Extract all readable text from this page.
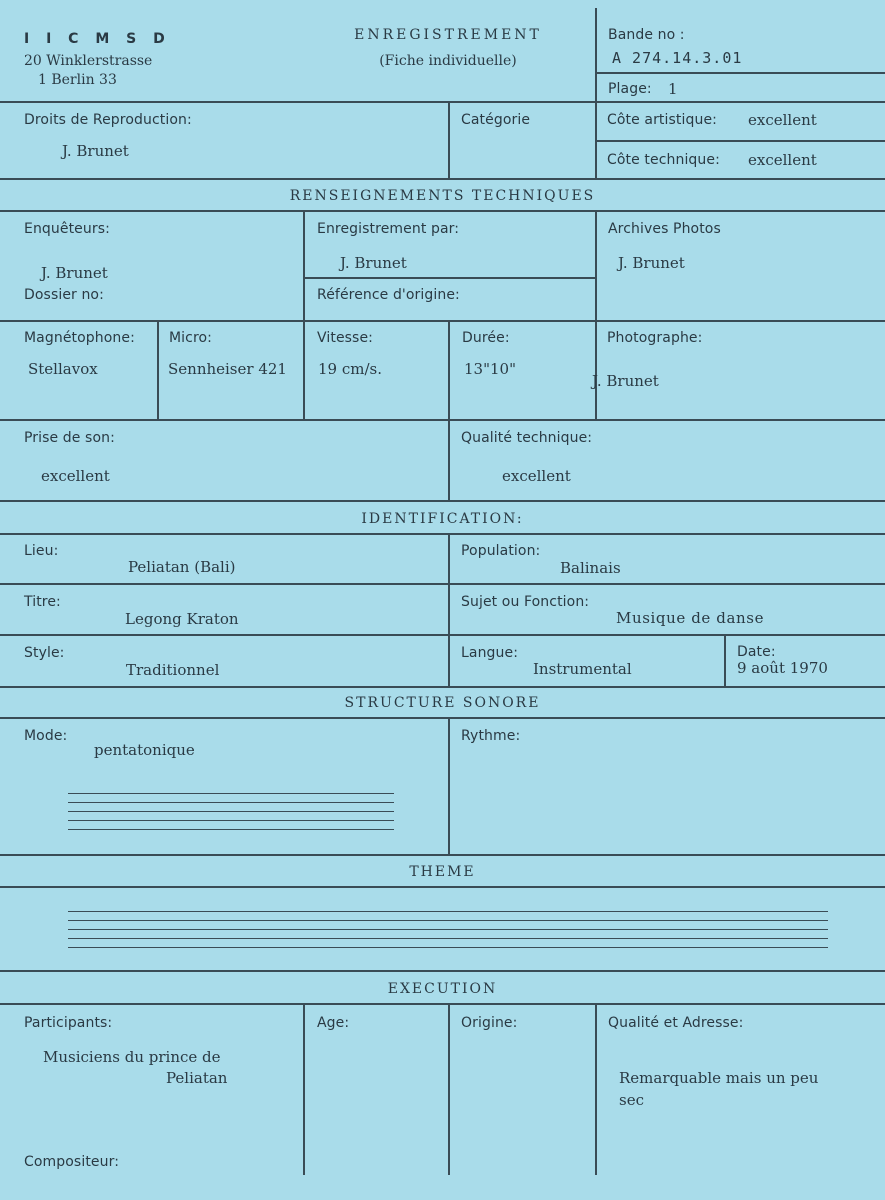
I I C M S D
20 Winklerstrasse
1 Berlin 33
ENREGISTREMENT
(Fiche individuelle)
Bande no :
A 274.14.3.01
Plage: 1
Droits de Reproduction:
J. Brunet
Catégorie	Côte artistique: excellent
Côte technique: excellent
RENSEIGNEMENTS TECHNIQUES
Enquêteurs:
J. Brunet
Dossier no:
Enregistrement par:
J. Brunet
Référence d'origine:
Archives Photos
J. Brunet
Magnétophone:
Stellavox
Micro:
Sennheiser 421
Vitesse:
19 cm/s.
Durée:
13"10"
Photographe:
J. Brunet
Prise de son:
excellent
Qualité technique:
excellent
IDENTIFICATION:
Lieu:
Peliatan (Bali)
Population:
Balinais
Titre:
Legong Kraton
Sujet ou Fonction:
Musique de danse
Style:
Traditionnel
Langue:
Instrumental
Date:
9 août 1970
STRUCTURE SONORE
Mode:
pentatonique
Rythme:
THEME
EXECUTION
Participants:
Musiciens du prince de
Peliatan
Age:	Origine:	Qualité et Adresse:
Remarquable mais un peu
sec
Compositeur:
